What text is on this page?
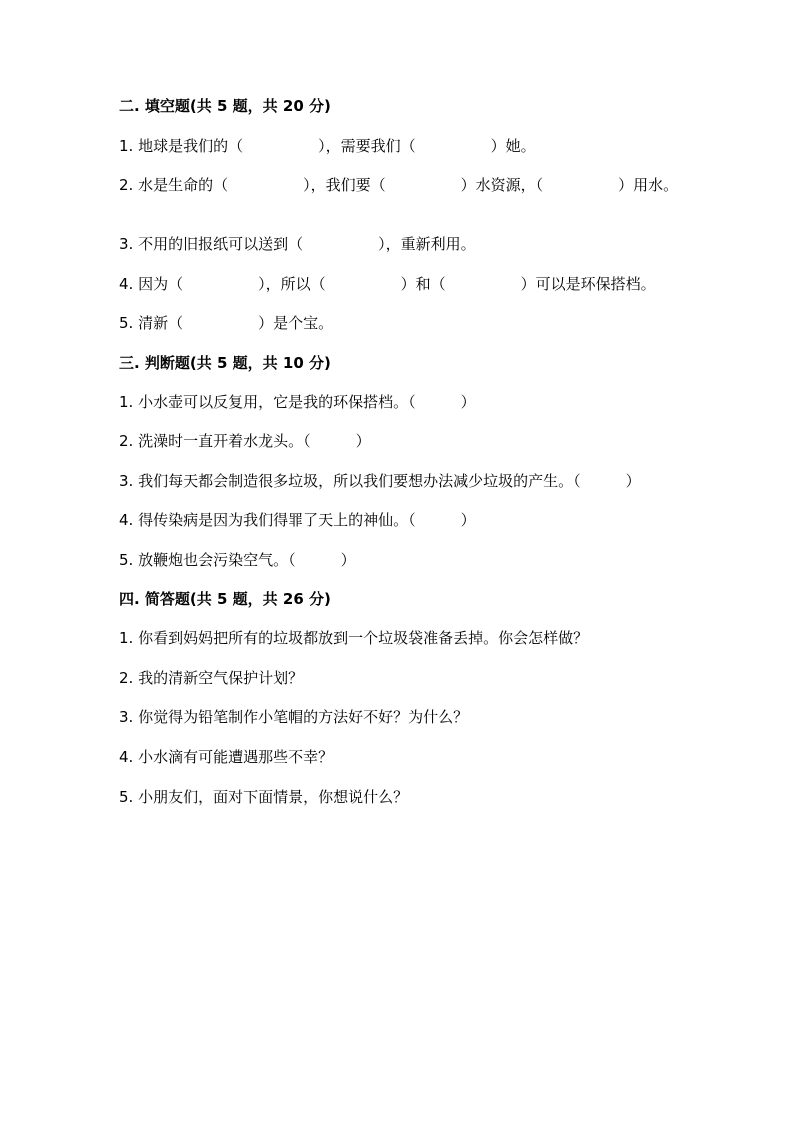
二. 填空题(共 5 题，共 20 分)
1. 地球是我们的（　　　　　），需要我们（　　　　　）她。
2. 水是生命的（　　　　　），我们要（　　　　　）水资源，（　　　　　）用水。
3. 不用的旧报纸可以送到（　　　　　），重新利用。
4. 因为（　　　　　），所以（　　　　　）和（　　　　　）可以是环保搭档。
5. 清新（　　　　　）是个宝。
三. 判断题(共 5 题，共 10 分)
1. 小水壶可以反复用，它是我的环保搭档。（　　　）
2. 洗澡时一直开着水龙头。（　　　）
3. 我们每天都会制造很多垃圾，所以我们要想办法减少垃圾的产生。（　　　）
4. 得传染病是因为我们得罪了天上的神仙。（　　　）
5. 放鞭炮也会污染空气。（　　　）
四. 简答题(共 5 题，共 26 分)
1. 你看到妈妈把所有的垃圾都放到一个垃圾袋准备丢掉。你会怎样做？
2. 我的清新空气保护计划？
3. 你觉得为铅笔制作小笔帽的方法好不好？为什么？
4. 小水滴有可能遭遇那些不幸？
5. 小朋友们，面对下面情景，你想说什么？
